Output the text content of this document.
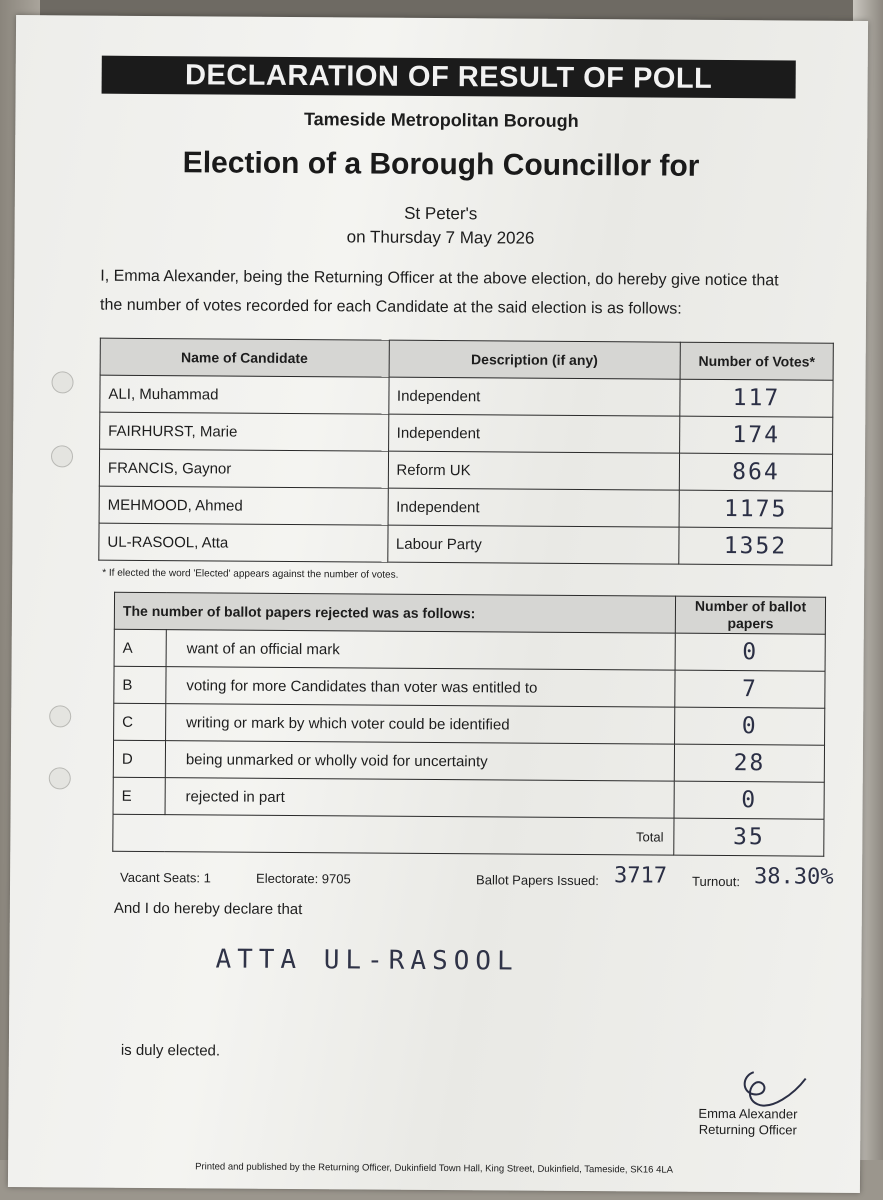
DECLARATION OF RESULT OF POLL
Tameside Metropolitan Borough
Election of a Borough Councillor for
St Peter's
on Thursday 7 May 2026
I, Emma Alexander, being the Returning Officer at the above election, do hereby give notice that the number of votes recorded for each Candidate at the said election is as follows:
Name of Candidate	Description (if any)	Number of Votes*
ALI, Muhammad	Independent	117
FAIRHURST, Marie	Independent	174
FRANCIS, Gaynor	Reform UK	864
MEHMOOD, Ahmed	Independent	1175
UL-RASOOL, Atta	Labour Party	1352
* If elected the word 'Elected' appears against the number of votes.
The number of ballot papers rejected was as follows:		Number of ballot papers
A	want of an official mark	0
B	voting for more Candidates than voter was entitled to	7
C	writing or mark by which voter could be identified	0
D	being unmarked or wholly void for uncertainty	28
E	rejected in part	0
Total		35
Vacant Seats: 1	Electorate: 9705	Ballot Papers Issued: 3717 Turnout: 38.30%
And I do hereby declare that
ATTA UL-RASOOL
is duly elected.
Emma Alexander
Returning Officer
Printed and published by the Returning Officer, Dukinfield Town Hall, King Street, Dukinfield, Tameside, SK16 4LA
